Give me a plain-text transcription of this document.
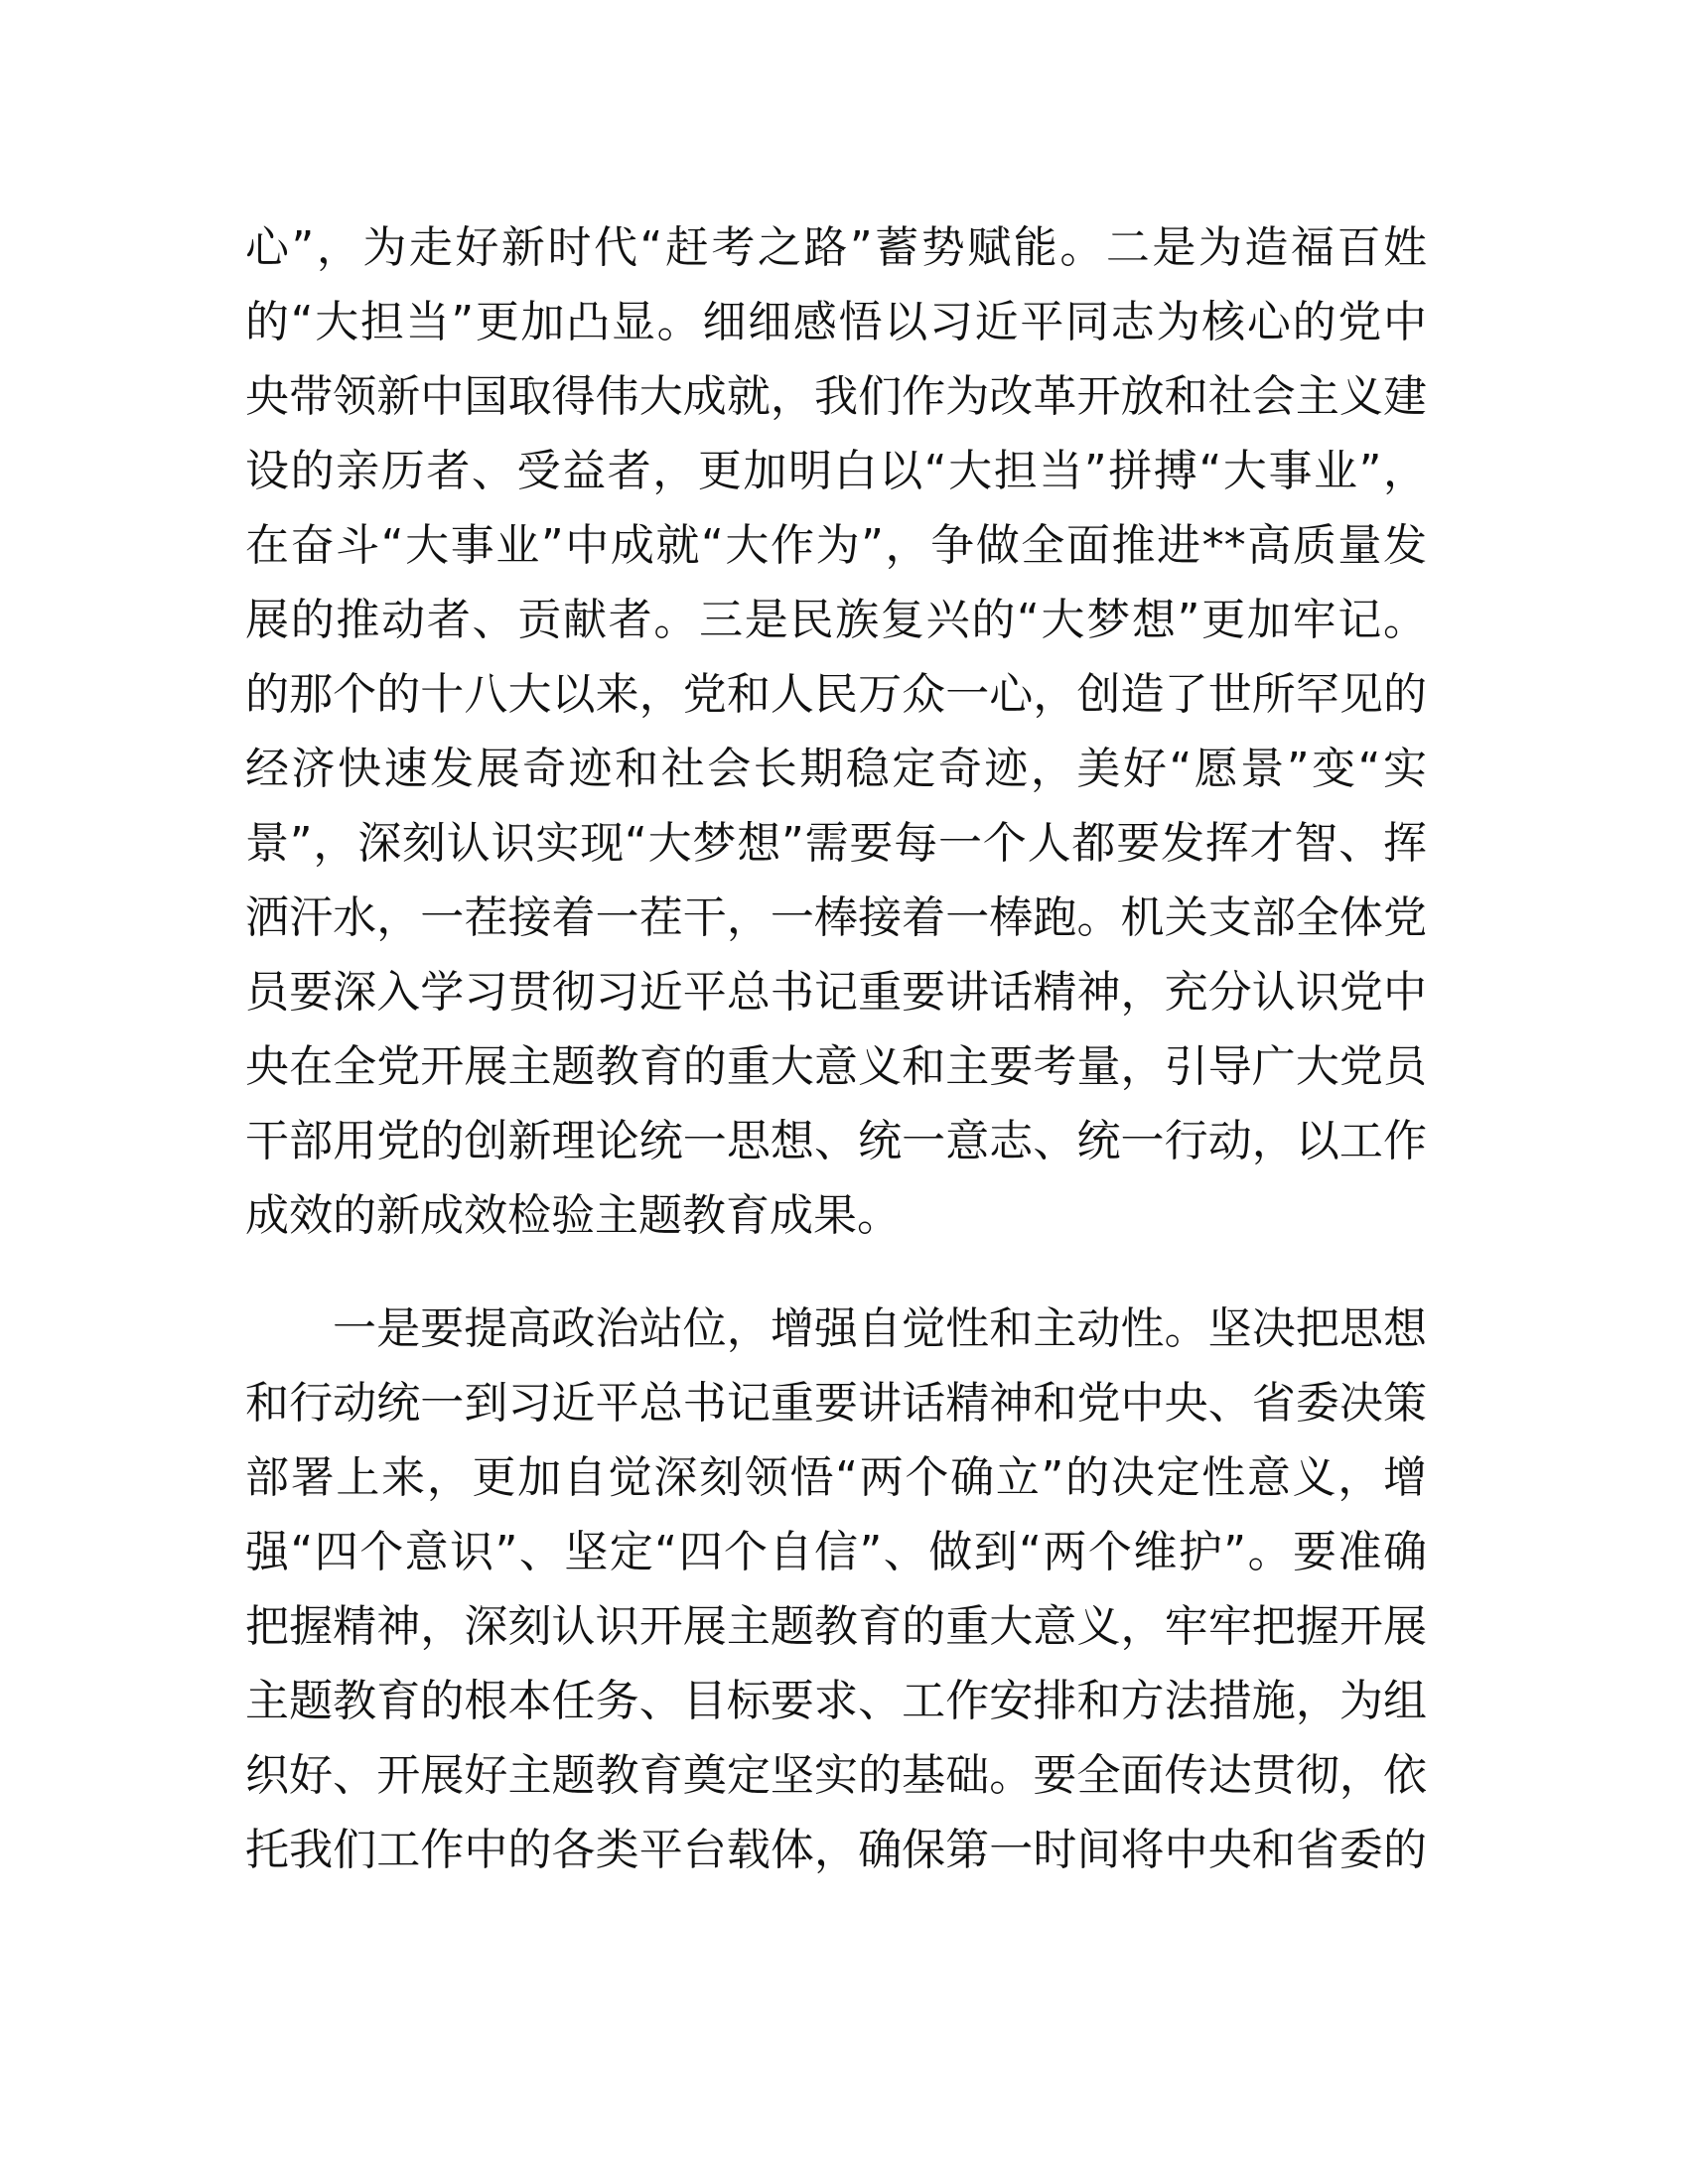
心”，为走好新时代“赶考之路”蓄势赋能。二是为造福百姓
的“大担当”更加凸显。细细感悟以习近平同志为核心的党中
央带领新中国取得伟大成就，我们作为改革开放和社会主义建
设的亲历者、受益者，更加明白以“大担当”拼搏“大事业”，
在奋斗“大事业”中成就“大作为”，争做全面推进**高质量发
展的推动者、贡献者。三是民族复兴的“大梦想”更加牢记。
的那个的十八大以来，党和人民万众一心，创造了世所罕见的
经济快速发展奇迹和社会长期稳定奇迹，美好“愿景”变“实
景”，深刻认识实现“大梦想”需要每一个人都要发挥才智、挥
洒汗水，一茬接着一茬干，一棒接着一棒跑。机关支部全体党
员要深入学习贯彻习近平总书记重要讲话精神，充分认识党中
央在全党开展主题教育的重大意义和主要考量，引导广大党员
干部用党的创新理论统一思想、统一意志、统一行动，以工作
成效的新成效检验主题教育成果。
一是要提高政治站位，增强自觉性和主动性。坚决把思想
和行动统一到习近平总书记重要讲话精神和党中央、省委决策
部署上来，更加自觉深刻领悟“两个确立”的决定性意义，增
强“四个意识”、坚定“四个自信”、做到“两个维护”。要准确
把握精神，深刻认识开展主题教育的重大意义，牢牢把握开展
主题教育的根本任务、目标要求、工作安排和方法措施，为组
织好、开展好主题教育奠定坚实的基础。要全面传达贯彻，依
托我们工作中的各类平台载体，确保第一时间将中央和省委的
